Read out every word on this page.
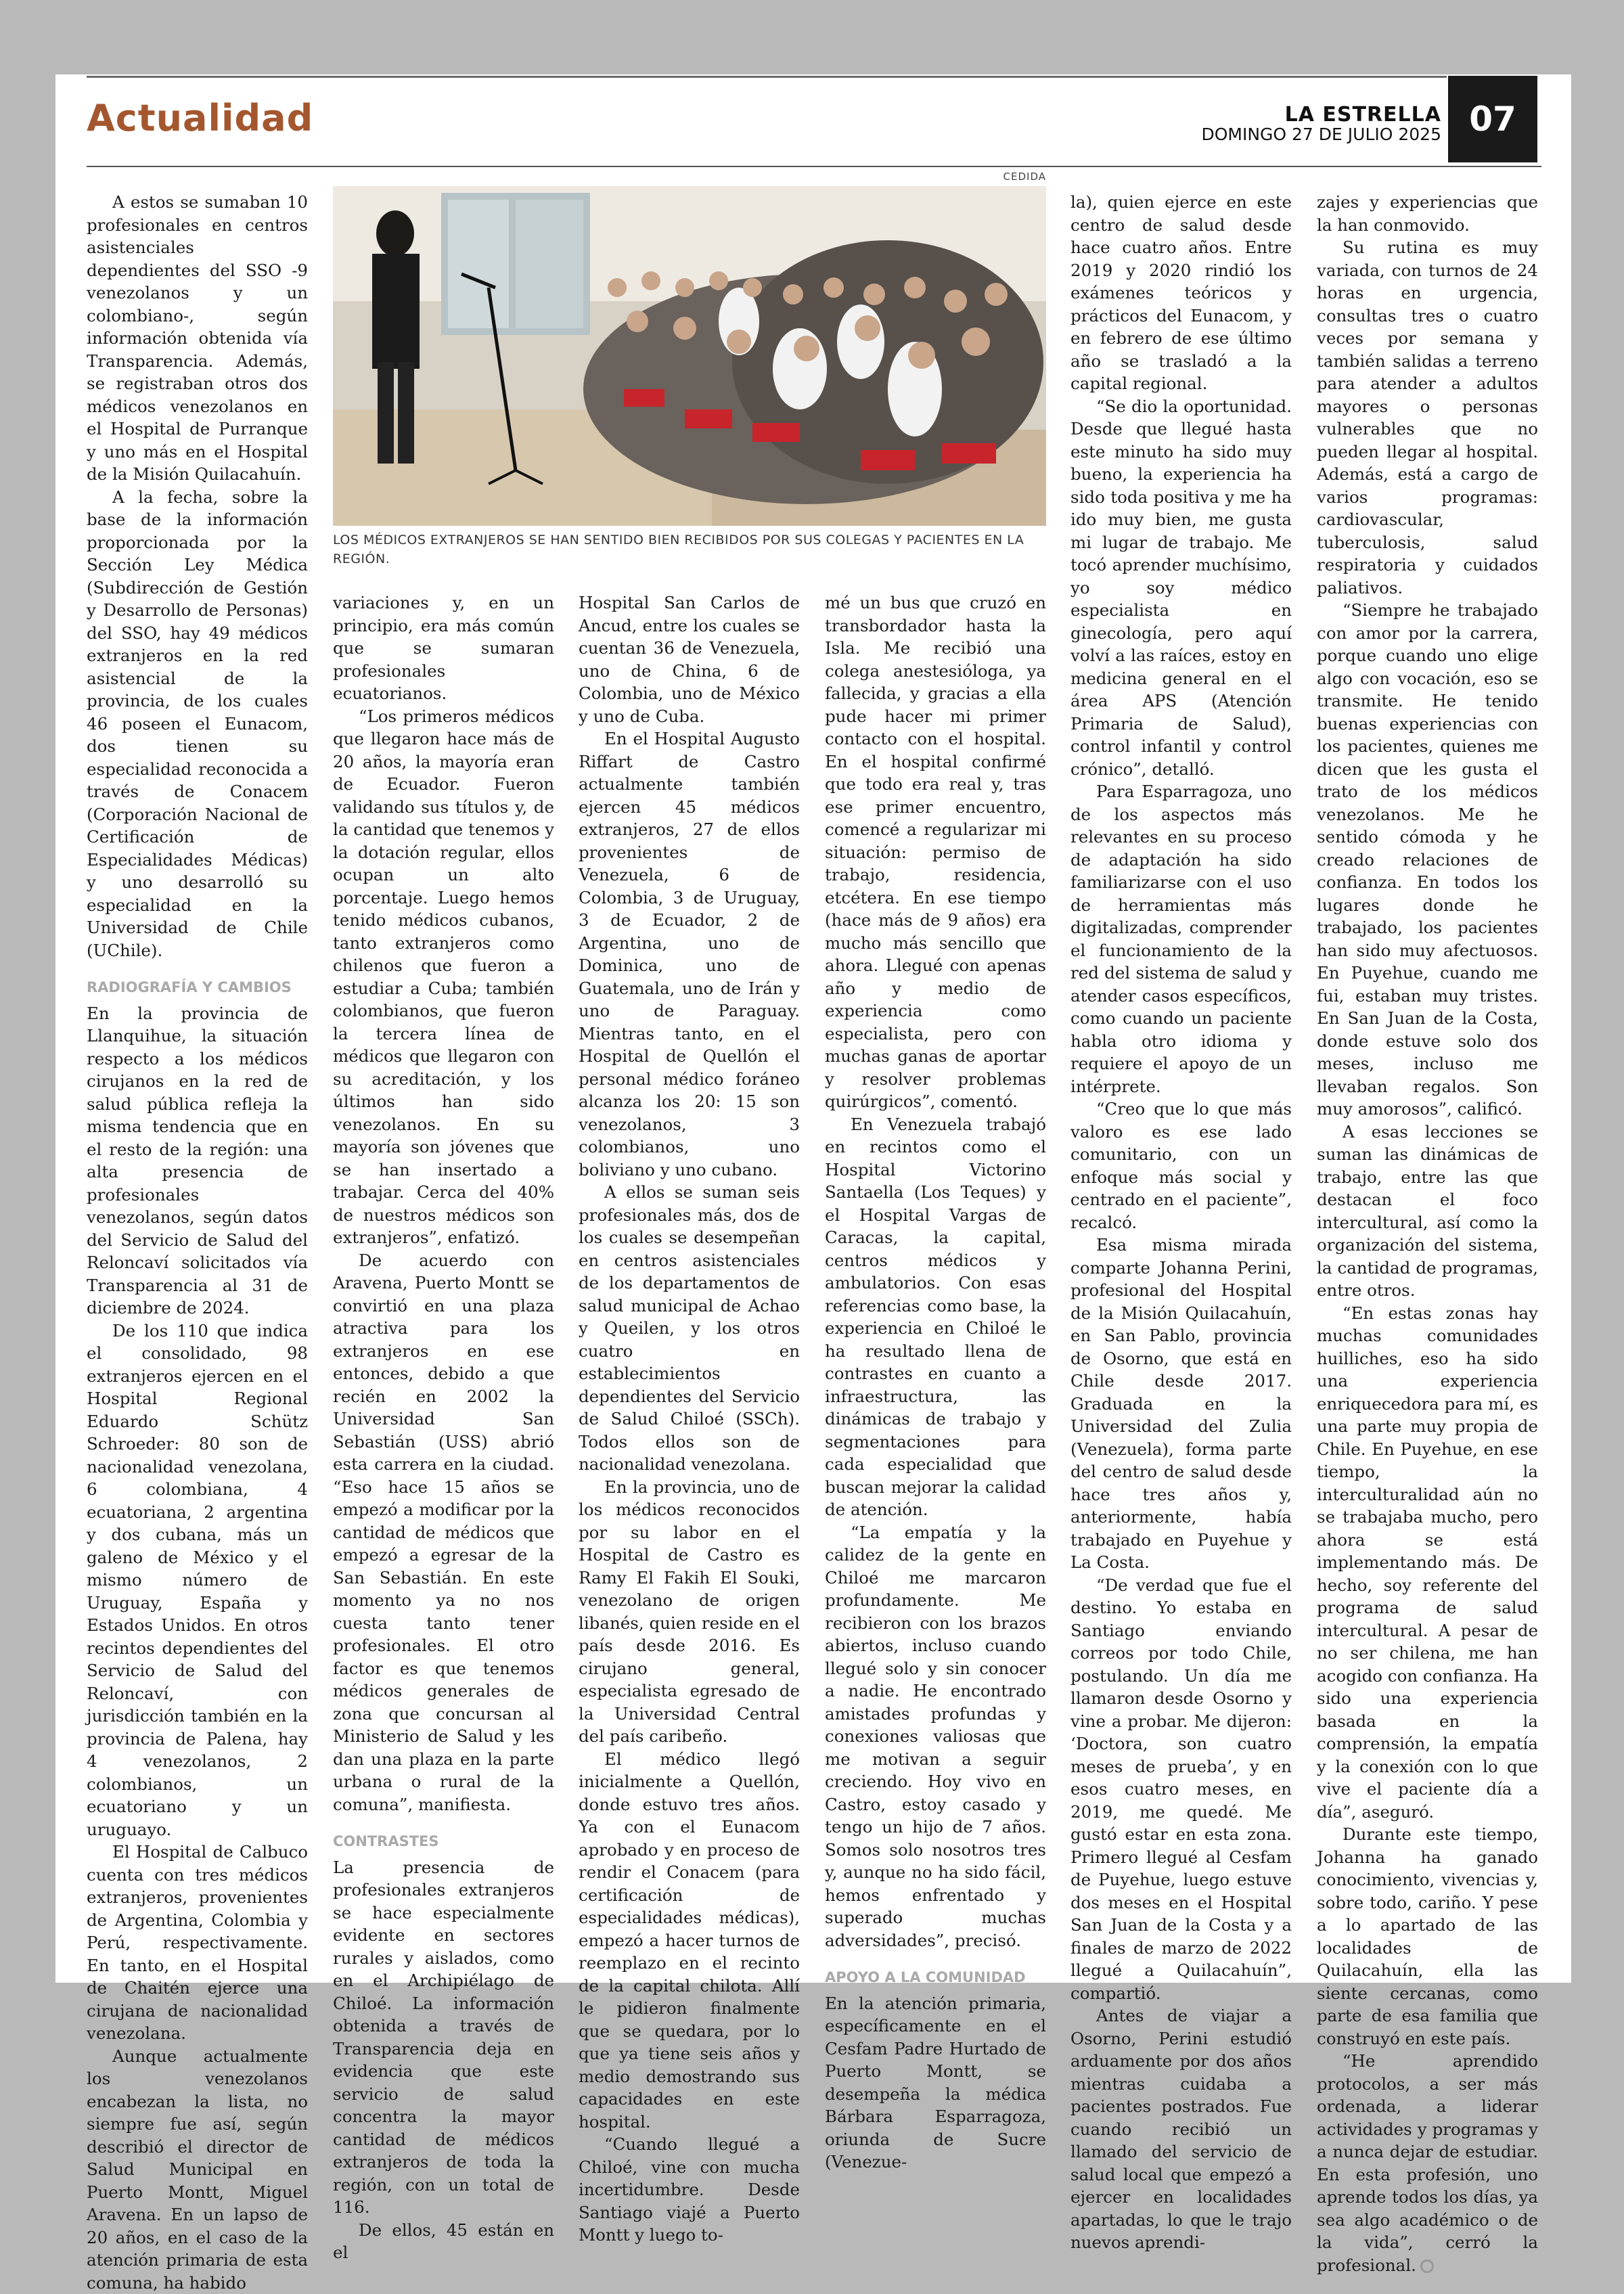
Actualidad	LA ESTRELLA
DOMINGO 27 DE JULIO 2025 07
CEDIDA
LOS MÉDICOS EXTRANJEROS SE HAN SENTIDO BIEN RECIBIDOS POR SUS COLEGAS Y PACIENTES EN LA REGIÓN.

A estos se sumaban 10 profesionales en centros asistenciales dependientes del SSO -9 venezolanos y un colombiano-, según información obtenida vía Transparencia. Además, se registraban otros dos médicos venezolanos en el Hospital de Purranque y uno más en el Hospital de la Misión Quilacahuín.

A la fecha, sobre la base de la información proporcionada por la Sección Ley Médica (Subdirección de Gestión y Desarrollo de Personas) del SSO, hay 49 médicos extranjeros en la red asistencial de la provincia, de los cuales 46 poseen el Eunacom, dos tienen su especialidad reconocida a través de Conacem (Corporación Nacional de Certificación de Especialidades Médicas) y uno desarrolló su especialidad en la Universidad de Chile (UChile).

RADIOGRAFÍA Y CAMBIOS

En la provincia de Llanquihue, la situación respecto a los médicos cirujanos en la red de salud pública refleja la misma tendencia que en el resto de la región: una alta presencia de profesionales venezolanos, según datos del Servicio de Salud del Reloncaví solicitados vía Transparencia al 31 de diciembre de 2024.

De los 110 que indica el consolidado, 98 extranjeros ejercen en el Hospital Regional Eduardo Schütz Schroeder: 80 son de nacionalidad venezolana, 6 colombiana, 4 ecuatoriana, 2 argentina y dos cubana, más un galeno de México y el mismo número de Uruguay, España y Estados Unidos. En otros recintos dependientes del Servicio de Salud del Reloncaví, con jurisdicción también en la provincia de Palena, hay 4 venezolanos, 2 colombianos, un ecuatoriano y un uruguayo.

El Hospital de Calbuco cuenta con tres médicos extranjeros, provenientes de Argentina, Colombia y Perú, respectivamente. En tanto, en el Hospital de Chaitén ejerce una cirujana de nacionalidad venezolana.

Aunque actualmente los venezolanos encabezan la lista, no siempre fue así, según describió el director de Salud Municipal en Puerto Montt, Miguel Aravena. En un lapso de 20 años, en el caso de la atención primaria de esta comuna, ha habido

variaciones y, en un principio, era más común que se sumaran profesionales ecuatorianos.

“Los primeros médicos que llegaron hace más de 20 años, la mayoría eran de Ecuador. Fueron validando sus títulos y, de la cantidad que tenemos y la dotación regular, ellos ocupan un alto porcentaje. Luego hemos tenido médicos cubanos, tanto extranjeros como chilenos que fueron a estudiar a Cuba; también colombianos, que fueron la tercera línea de médicos que llegaron con su acreditación, y los últimos han sido venezolanos. En su mayoría son jóvenes que se han insertado a trabajar. Cerca del 40% de nuestros médicos son extranjeros”, enfatizó.

De acuerdo con Aravena, Puerto Montt se convirtió en una plaza atractiva para los extranjeros en ese entonces, debido a que recién en 2002 la Universidad San Sebastián (USS) abrió esta carrera en la ciudad. “Eso hace 15 años se empezó a modificar por la cantidad de médicos que empezó a egresar de la San Sebastián. En este momento ya no nos cuesta tanto tener profesionales. El otro factor es que tenemos médicos generales de zona que concursan al Ministerio de Salud y les dan una plaza en la parte urbana o rural de la comuna”, manifiesta.

CONTRASTES

La presencia de profesionales extranjeros se hace especialmente evidente en sectores rurales y aislados, como en el Archipiélago de Chiloé. La información obtenida a través de Transparencia deja en evidencia que este servicio de salud concentra la mayor cantidad de médicos extranjeros de toda la región, con un total de 116.

De ellos, 45 están en el

Hospital San Carlos de Ancud, entre los cuales se cuentan 36 de Venezuela, uno de China, 6 de Colombia, uno de México y uno de Cuba.

En el Hospital Augusto Riffart de Castro actualmente también ejercen 45 médicos extranjeros, 27 de ellos provenientes de Venezuela, 6 de Colombia, 3 de Uruguay, 3 de Ecuador, 2 de Argentina, uno de Dominica, uno de Guatemala, uno de Irán y uno de Paraguay. Mientras tanto, en el Hospital de Quellón el personal médico foráneo alcanza los 20: 15 son venezolanos, 3 colombianos, uno boliviano y uno cubano.

A ellos se suman seis profesionales más, dos de los cuales se desempeñan en centros asistenciales de los departamentos de salud municipal de Achao y Queilen, y los otros cuatro en establecimientos dependientes del Servicio de Salud Chiloé (SSCh). Todos ellos son de nacionalidad venezolana.

En la provincia, uno de los médicos reconocidos por su labor en el Hospital de Castro es Ramy El Fakih El Souki, venezolano de origen libanés, quien reside en el país desde 2016. Es cirujano general, especialista egresado de la Universidad Central del país caribeño.

El médico llegó inicialmente a Quellón, donde estuvo tres años. Ya con el Eunacom aprobado y en proceso de rendir el Conacem (para certificación de especialidades médicas), empezó a hacer turnos de reemplazo en el recinto de la capital chilota. Allí le pidieron finalmente que se quedara, por lo que ya tiene seis años y medio demostrando sus capacidades en este hospital.

“Cuando llegué a Chiloé, vine con mucha incertidumbre. Desde Santiago viajé a Puerto Montt y luego to-

mé un bus que cruzó en transbordador hasta la Isla. Me recibió una colega anestesióloga, ya fallecida, y gracias a ella pude hacer mi primer contacto con el hospital. En el hospital confirmé que todo era real y, tras ese primer encuentro, comencé a regularizar mi situación: permiso de trabajo, residencia, etcétera. En ese tiempo (hace más de 9 años) era mucho más sencillo que ahora. Llegué con apenas año y medio de experiencia como especialista, pero con muchas ganas de aportar y resolver problemas quirúrgicos”, comentó.

En Venezuela trabajó en recintos como el Hospital Victorino Santaella (Los Teques) y el Hospital Vargas de Caracas, la capital, centros médicos y ambulatorios. Con esas referencias como base, la experiencia en Chiloé le ha resultado llena de contrastes en cuanto a infraestructura, las dinámicas de trabajo y segmentaciones para cada especialidad que buscan mejorar la calidad de atención.

“La empatía y la calidez de la gente en Chiloé me marcaron profundamente. Me recibieron con los brazos abiertos, incluso cuando llegué solo y sin conocer a nadie. He encontrado amistades profundas y conexiones valiosas que me motivan a seguir creciendo. Hoy vivo en Castro, estoy casado y tengo un hijo de 7 años. Somos solo nosotros tres y, aunque no ha sido fácil, hemos enfrentado y superado muchas adversidades”, precisó.

APOYO A LA COMUNIDAD

En la atención primaria, específicamente en el Cesfam Padre Hurtado de Puerto Montt, se desempeña la médica Bárbara Esparragoza, oriunda de Sucre (Venezue-

la), quien ejerce en este centro de salud desde hace cuatro años. Entre 2019 y 2020 rindió los exámenes teóricos y prácticos del Eunacom, y en febrero de ese último año se trasladó a la capital regional.

“Se dio la oportunidad. Desde que llegué hasta este minuto ha sido muy bueno, la experiencia ha sido toda positiva y me ha ido muy bien, me gusta mi lugar de trabajo. Me tocó aprender muchísimo, yo soy médico especialista en ginecología, pero aquí volví a las raíces, estoy en medicina general en el área APS (Atención Primaria de Salud), control infantil y control crónico”, detalló.

Para Esparragoza, uno de los aspectos más relevantes en su proceso de adaptación ha sido familiarizarse con el uso de herramientas más digitalizadas, comprender el funcionamiento de la red del sistema de salud y atender casos específicos, como cuando un paciente habla otro idioma y requiere el apoyo de un intérprete.

“Creo que lo que más valoro es ese lado comunitario, con un enfoque más social y centrado en el paciente”, recalcó.

Esa misma mirada comparte Johanna Perini, profesional del Hospital de la Misión Quilacahuín, en San Pablo, provincia de Osorno, que está en Chile desde 2017. Graduada en la Universidad del Zulia (Venezuela), forma parte del centro de salud desde hace tres años y, anteriormente, había trabajado en Puyehue y La Costa.

“De verdad que fue el destino. Yo estaba en Santiago enviando correos por todo Chile, postulando. Un día me llamaron desde Osorno y vine a probar. Me dijeron: ‘Doctora, son cuatro meses de prueba’, y en esos cuatro meses, en 2019, me quedé. Me gustó estar en esta zona. Primero llegué al Cesfam de Puyehue, luego estuve dos meses en el Hospital San Juan de la Costa y a finales de marzo de 2022 llegué a Quilacahuín”, compartió.

Antes de viajar a Osorno, Perini estudió arduamente por dos años mientras cuidaba a pacientes postrados. Fue cuando recibió un llamado del servicio de salud local que empezó a ejercer en localidades apartadas, lo que le trajo nuevos aprendi-

zajes y experiencias que la han conmovido.

Su rutina es muy variada, con turnos de 24 horas en urgencia, consultas tres o cuatro veces por semana y también salidas a terreno para atender a adultos mayores o personas vulnerables que no pueden llegar al hospital. Además, está a cargo de varios programas: cardiovascular, tuberculosis, salud respiratoria y cuidados paliativos.

“Siempre he trabajado con amor por la carrera, porque cuando uno elige algo con vocación, eso se transmite. He tenido buenas experiencias con los pacientes, quienes me dicen que les gusta el trato de los médicos venezolanos. Me he sentido cómoda y he creado relaciones de confianza. En todos los lugares donde he trabajado, los pacientes han sido muy afectuosos. En Puyehue, cuando me fui, estaban muy tristes. En San Juan de la Costa, donde estuve solo dos meses, incluso me llevaban regalos. Son muy amorosos”, calificó.

A esas lecciones se suman las dinámicas de trabajo, entre las que destacan el foco intercultural, así como la organización del sistema, la cantidad de programas, entre otros.

“En estas zonas hay muchas comunidades huilliches, eso ha sido una experiencia enriquecedora para mí, es una parte muy propia de Chile. En Puyehue, en ese tiempo, la interculturalidad aún no se trabajaba mucho, pero ahora se está implementando más. De hecho, soy referente del programa de salud intercultural. A pesar de no ser chilena, me han acogido con confianza. Ha sido una experiencia basada en la comprensión, la empatía y la conexión con lo que vive el paciente día a día”, aseguró.

Durante este tiempo, Johanna ha ganado conocimiento, vivencias y, sobre todo, cariño. Y pese a lo apartado de las localidades de Quilacahuín, ella las siente cercanas, como parte de esa familia que construyó en este país.

“He aprendido protocolos, a ser más ordenada, a liderar actividades y programas y a nunca dejar de estudiar. En esta profesión, uno aprende todos los días, ya sea algo académico o de la vida”, cerró la profesional.
